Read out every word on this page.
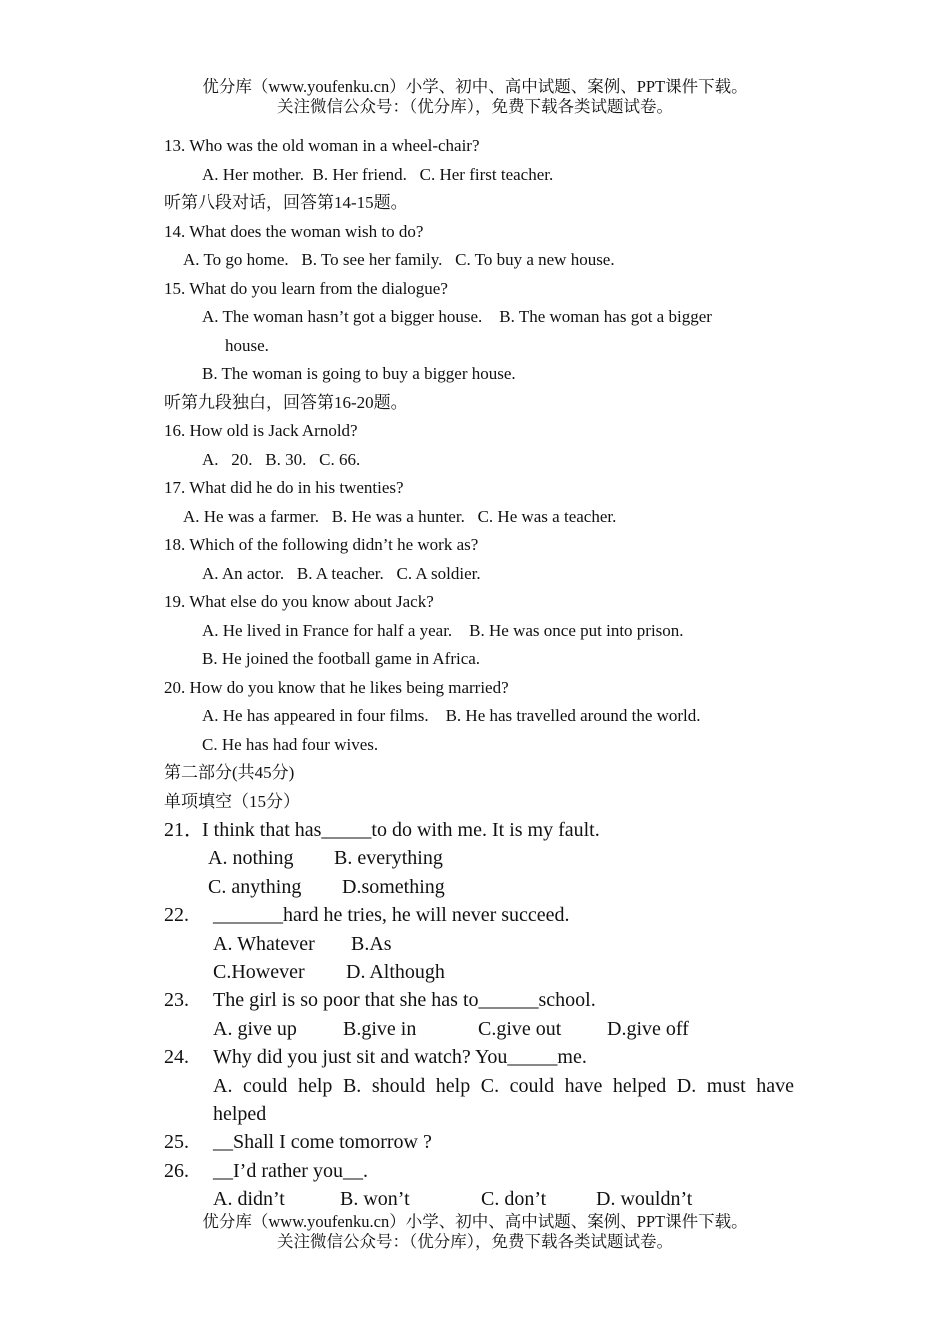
优分库（www.youfenku.cn）小学、初中、高中试题、案例、PPT课件下载。
关注微信公众号：（优分库），免费下载各类试题试卷。
13. Who was the old woman in a wheel-chair?
A. Her mother.  B. Her friend.   C. Her first teacher.
听第八段对话，回答第14-15题。
14. What does the woman wish to do?
A. To go home.   B. To see her family.   C. To buy a new house.
15. What do you learn from the dialogue?
A. The woman hasn’t got a bigger house.    B. The woman has got a bigger
house.
B. The woman is going to buy a bigger house.
听第九段独白，回答第16-20题。
16. How old is Jack Arnold?
A.   20.   B. 30.   C. 66.
17. What did he do in his twenties?
A. He was a farmer.   B. He was a hunter.   C. He was a teacher.
18. Which of the following didn’t he work as?
A. An actor.   B. A teacher.   C. A soldier.
19. What else do you know about Jack?
A. He lived in France for half a year.    B. He was once put into prison.
B. He joined the football game in Africa.
20. How do you know that he likes being married?
A. He has appeared in four films.    B. He has travelled around the world.
C. He has had four wives.
第二部分(共45分)
单项填空（15分）
21．I think that has_____to do with me. It is my fault.
A. nothing B. everything
C. anything D.something
22. _______hard he tries, he will never succeed.
A. Whatever B.As
C.However D. Although
23. The girl is so poor that she has to______school.
A. give up B.give in	C.give out D.give off
24. Why did you just sit and watch? You_____me.
A. could help B. should help C. could have helped D. must have helped
25. __Shall I come tomorrow ?
26. __I’d rather you__.
A. didn’t	B. won’t	C. don’t D. wouldn’t
优分库（www.youfenku.cn）小学、初中、高中试题、案例、PPT课件下载。
关注微信公众号：（优分库），免费下载各类试题试卷。
